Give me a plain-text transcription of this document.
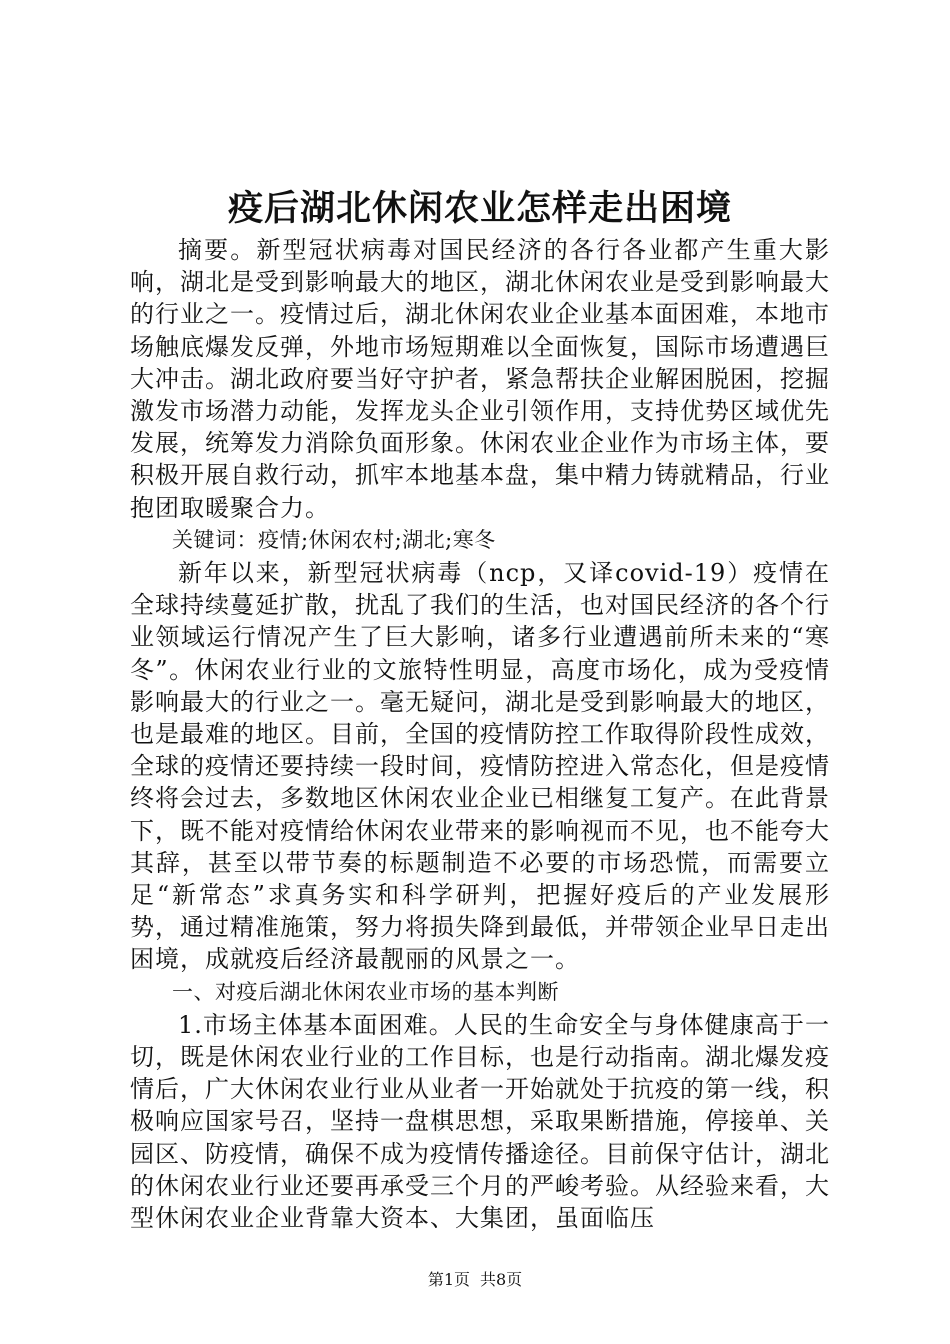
疫后湖北休闲农业怎样走出困境

摘要。新型冠状病毒对国民经济的各行各业都产生重大影响，湖北是受到影响最大的地区，湖北休闲农业是受到影响最大的行业之一。疫情过后，湖北休闲农业企业基本面困难，本地市场触底爆发反弹，外地市场短期难以全面恢复，国际市场遭遇巨大冲击。湖北政府要当好守护者，紧急帮扶企业解困脱困，挖掘激发市场潜力动能，发挥龙头企业引领作用，支持优势区域优先发展，统筹发力消除负面形象。休闲农业企业作为市场主体，要积极开展自救行动，抓牢本地基本盘，集中精力铸就精品，行业抱团取暖聚合力。

关键词：疫情;休闲农村;湖北;寒冬

新年以来，新型冠状病毒（ncp，又译covid-19）疫情在全球持续蔓延扩散，扰乱了我们的生活，也对国民经济的各个行业领域运行情况产生了巨大影响，诸多行业遭遇前所未来的“寒冬”。休闲农业行业的文旅特性明显，高度市场化，成为受疫情影响最大的行业之一。毫无疑问，湖北是受到影响最大的地区，也是最难的地区。目前，全国的疫情防控工作取得阶段性成效，全球的疫情还要持续一段时间，疫情防控进入常态化，但是疫情终将会过去，多数地区休闲农业企业已相继复工复产。在此背景下，既不能对疫情给休闲农业带来的影响视而不见，也不能夸大其辞，甚至以带节奏的标题制造不必要的市场恐慌，而需要立足“新常态”求真务实和科学研判，把握好疫后的产业发展形势，通过精准施策，努力将损失降到最低，并带领企业早日走出困境，成就疫后经济最靓丽的风景之一。

一、对疫后湖北休闲农业市场的基本判断

1.市场主体基本面困难。人民的生命安全与身体健康高于一切，既是休闲农业行业的工作目标，也是行动指南。湖北爆发疫情后，广大休闲农业行业从业者一开始就处于抗疫的第一线，积极响应国家号召，坚持一盘棋思想，采取果断措施，停接单、关园区、防疫情，确保不成为疫情传播途径。目前保守估计，湖北的休闲农业行业还要再承受三个月的严峻考验。从经验来看，大型休闲农业企业背靠大资本、大集团，虽面临压

第1页 共8页
